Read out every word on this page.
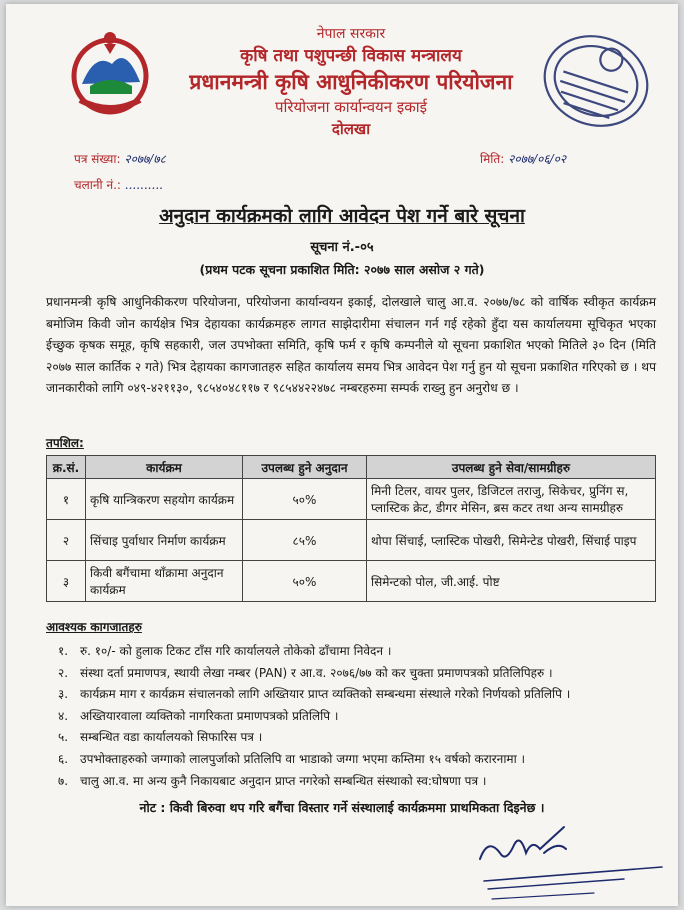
नेपाल सरकार
कृषि तथा पशुपन्छी विकास मन्त्रालय
प्रधानमन्त्री कृषि आधुनिकीकरण परियोजना
परियोजना कार्यान्वयन इकाई
दोलखा
पत्र संख्या: २०७७/७८
चलानी नं.: ..........
मिति: २०७७/०६/०२
अनुदान कार्यक्रमको लागि आवेदन पेश गर्ने बारे सूचना
सूचना नं.-०५
(प्रथम पटक सूचना प्रकाशित मिति: २०७७ साल असोज २ गते)
प्रधानमन्त्री कृषि आधुनिकीकरण परियोजना, परियोजना कार्यान्वयन इकाई, दोलखाले चालु आ.व. २०७७/७८ को वार्षिक स्वीकृत कार्यक्रम बमोजिम किवी जोन कार्यक्षेत्र भित्र देहायका कार्यक्रमहरु लागत साझेदारीमा संचालन गर्न गई रहेको हुँदा यस कार्यालयमा सूचिकृत भएका ईच्छुक कृषक समूह, कृषि सहकारी, जल उपभोक्ता समिति, कृषि फर्म र कृषि कम्पनीले यो सूचना प्रकाशित भएको मितिले ३० दिन (मिति २०७७ साल कार्तिक २ गते) भित्र देहायका कागजातहरु सहित कार्यालय समय भित्र आवेदन पेश गर्नु हुन यो सूचना प्रकाशित गरिएको छ । थप जानकारीको लागि ०४९-४२११३०, ९८५४०४८११७ र ९८५४४२२४७८ नम्बरहरुमा सम्पर्क राख्नु हुन अनुरोध छ ।
तपशिल:
क्र.सं.	कार्यक्रम	उपलब्ध हुने अनुदान	उपलब्ध हुने सेवा/सामग्रीहरु
१	कृषि यान्त्रिकरण सहयोग कार्यक्रम	५०%	मिनी टिलर, वायर पुलर, डिजिटल तराजु, सिकेचर, प्रुनिंग स, प्लास्टिक क्रेट, डीगर मेसिन, ब्रस कटर तथा अन्य सामग्रीहरु
२	सिंचाइ पुर्वाधार निर्माण कार्यक्रम	८५%	थोपा सिंचाई, प्लास्टिक पोखरी, सिमेन्टेड पोखरी, सिंचाई पाइप
३	किवी बगैंचामा थाँक्रामा अनुदान कार्यक्रम	५०%	सिमेन्टको पोल, जी.आई. पोष्ट
आवश्यक कागजातहरु
१. रु. १०/- को हुलाक टिकट टाँस गरि कार्यालयले तोकेको ढाँचामा निवेदन ।
२. संस्था दर्ता प्रमाणपत्र, स्थायी लेखा नम्बर (PAN) र आ.व. २०७६/७७ को कर चुक्ता प्रमाणपत्रको प्रतिलिपिहरु ।
३. कार्यक्रम माग र कार्यक्रम संचालनको लागि अख्तियार प्राप्त व्यक्तिको सम्बन्धमा संस्थाले गरेको निर्णयको प्रतिलिपि ।
४. अख्तियारवाला व्यक्तिको नागरिकता प्रमाणपत्रको प्रतिलिपि ।
५. सम्बन्धित वडा कार्यालयको सिफारिस पत्र ।
६. उपभोक्ताहरुको जग्गाको लालपुर्जाको प्रतिलिपि वा भाडाको जग्गा भएमा कम्तिमा १५ वर्षको करारनामा ।
७. चालु आ.व. मा अन्य कुनै निकायबाट अनुदान प्राप्त नगरेको सम्बन्धित संस्थाको स्व:घोषणा पत्र ।
नोट : किवी बिरुवा थप गरि बगैंचा विस्तार गर्ने संस्थालाई कार्यक्रममा प्राथमिकता दिइनेछ ।
